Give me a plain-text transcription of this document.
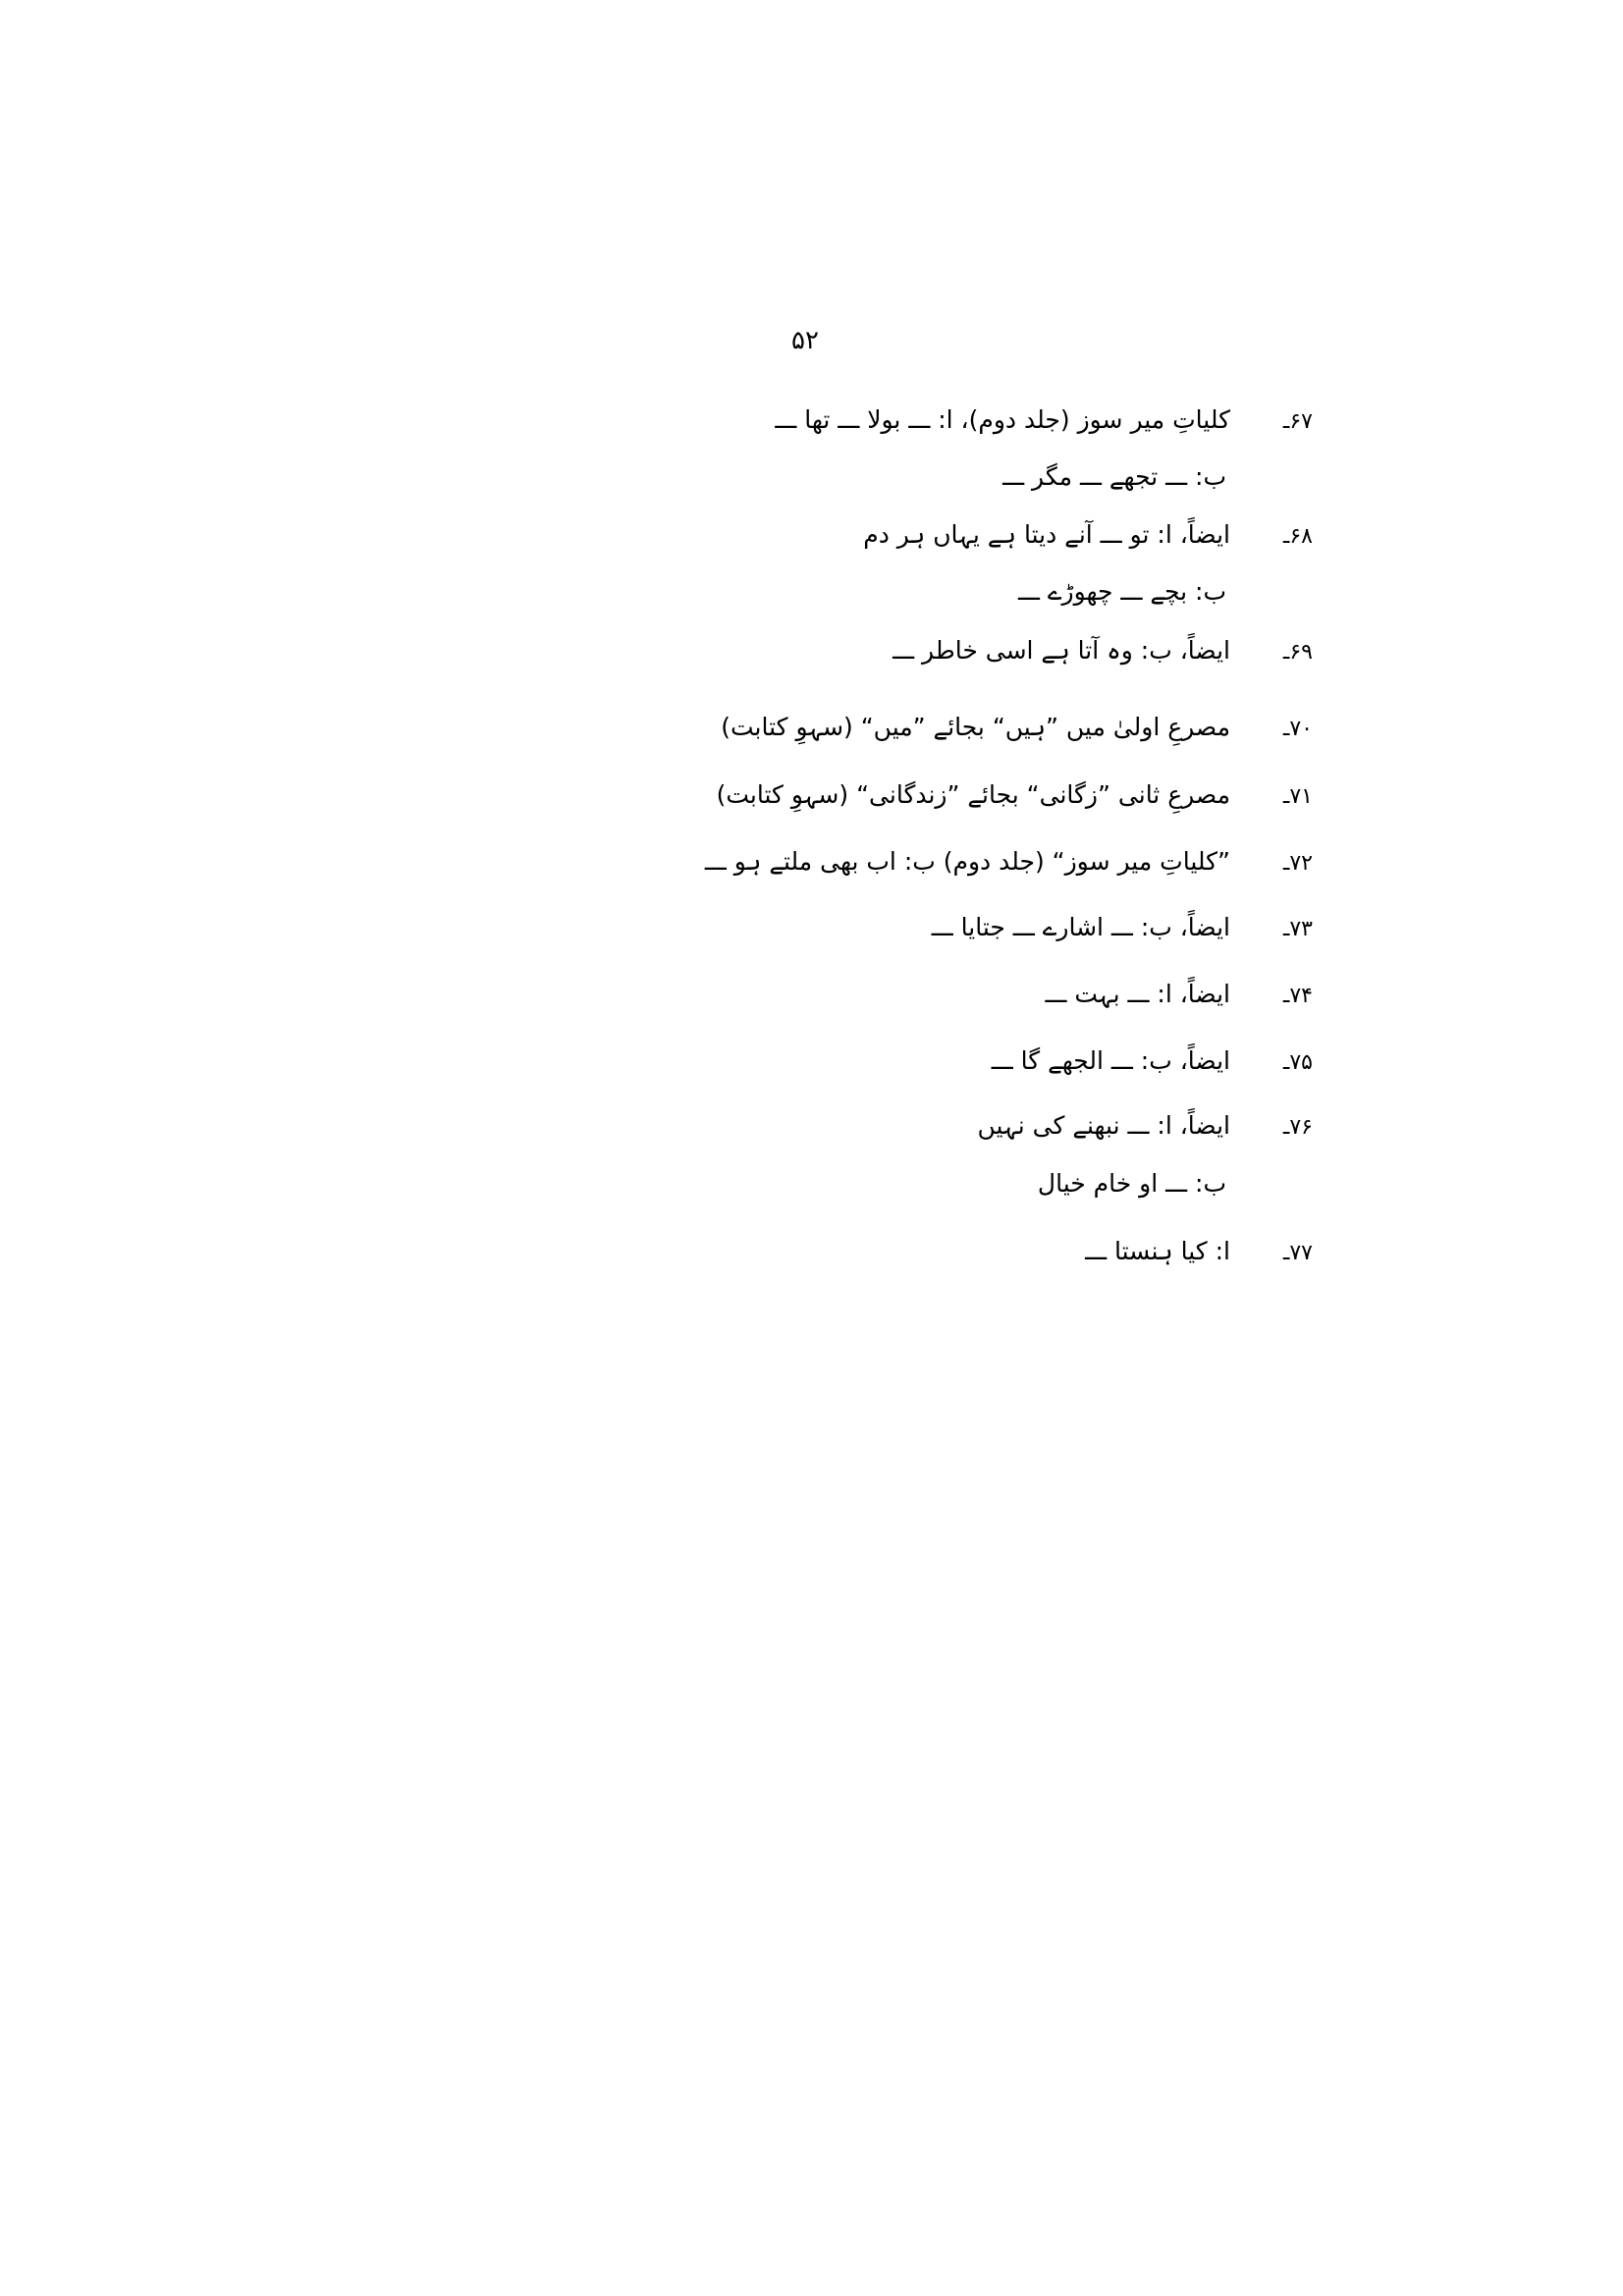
۵۲
۶۷ـکلیاتِ میر سوز (جلد دوم)، ا: ـــ بولا ـــ تھا ـــ
ب: ـــ تجھے ـــ مگر ـــ
۶۸ـایضاً، ا: تو ـــ آنے دیتا ہے یہاں ہر دم
ب: بچے ـــ چھوڑے ـــ
۶۹ـایضاً، ب: وہ آتا ہے اسی خاطر ـــ
۷۰ـمصرعِ اولیٰ میں ”ہیں“ بجائے ”میں“ (سہوِ کتابت)
۷۱ـمصرعِ ثانی ”زگانی“ بجائے ”زندگانی“ (سہوِ کتابت)
۷۲ـ”کلیاتِ میر سوز“ (جلد دوم) ب: اب بھی ملتے ہو ـــ
۷۳ـایضاً، ب: ـــ اشارے ـــ جتایا ـــ
۷۴ـایضاً، ا: ـــ بہت ـــ
۷۵ـایضاً، ب: ـــ الجھے گا ـــ
۷۶ـایضاً، ا: ـــ نبھنے کی نہیں
ب: ـــ او خام خیال
۷۷ـا: کیا ہنستا ـــ
